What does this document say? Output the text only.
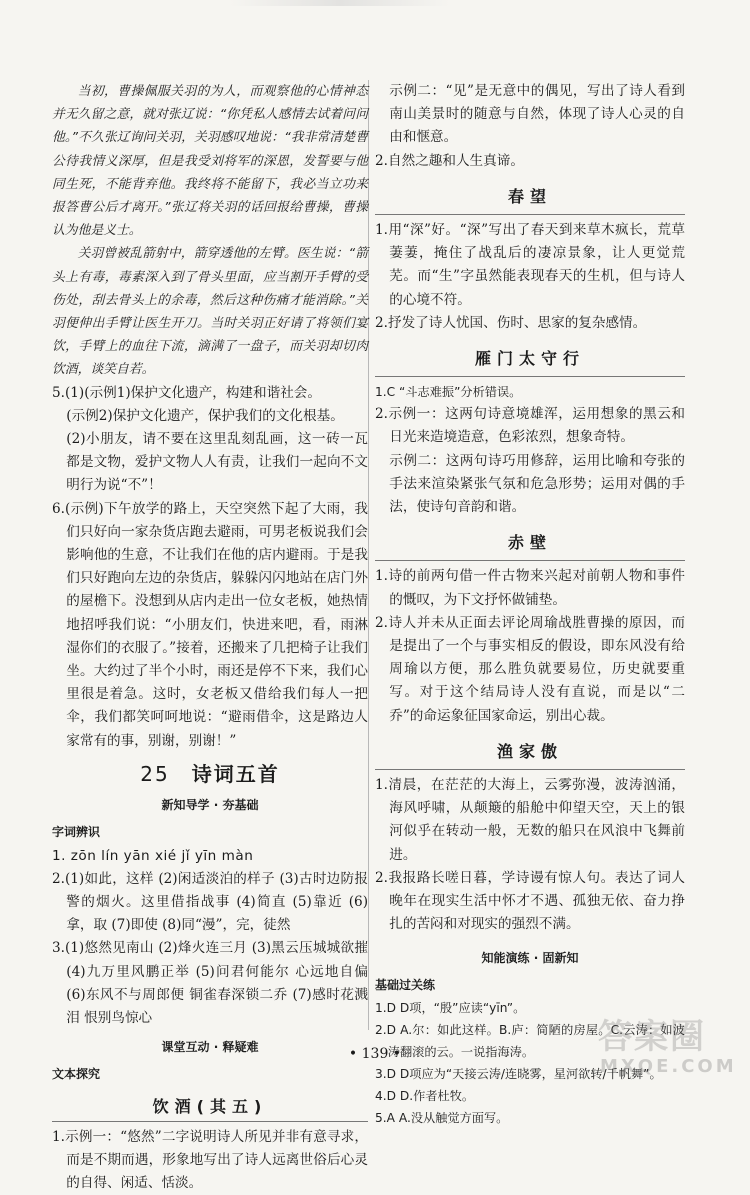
当初，曹操佩服关羽的为人，而观察他的心情神态并无久留之意，就对张辽说：“你凭私人感情去试着问问他。”不久张辽询问关羽，关羽感叹地说：“我非常清楚曹公待我情义深厚，但是我受刘将军的深恩，发誓要与他同生死，不能背弃他。我终将不能留下，我必当立功来报答曹公后才离开。”张辽将关羽的话回报给曹操，曹操认为他是义士。

关羽曾被乱箭射中，箭穿透他的左臂。医生说：“箭头上有毒，毒素深入到了骨头里面，应当割开手臂的受伤处，刮去骨头上的余毒，然后这种伤痛才能消除。”关羽便伸出手臂让医生开刀。当时关羽正好请了将领们宴饮，手臂上的血往下流，滴满了一盘子，而关羽却切肉饮酒，谈笑自若。

5.(1)(示例1)保护文化遗产，构建和谐社会。

(示例2)保护文化遗产，保护我们的文化根基。

(2)小朋友，请不要在这里乱刻乱画，这一砖一瓦都是文物，爱护文物人人有责，让我们一起向不文明行为说“不”！

6.(示例)下午放学的路上，天空突然下起了大雨，我们只好向一家杂货店跑去避雨，可男老板说我们会影响他的生意，不让我们在他的店内避雨。于是我们只好跑向左边的杂货店，躲躲闪闪地站在店门外的屋檐下。没想到从店内走出一位女老板，她热情地招呼我们说：“小朋友们，快进来吧，看，雨淋湿你们的衣服了。”接着，还搬来了几把椅子让我们坐。大约过了半个小时，雨还是停不下来，我们心里很是着急。这时，女老板又借给我们每人一把伞，我们都笑呵呵地说：“避雨借伞，这是路边人家常有的事，别谢，别谢！”

25 诗词五首
新知导学 · 夯基础
字词辨识

1. zōn lín yān xié jǐ yīn màn

2.(1)如此，这样 (2)闲适淡泊的样子 (3)古时边防报警的烟火。这里借指战事 (4)简直 (5)靠近 (6)拿，取 (7)即使 (8)同“漫”，完，徒然

3.(1)悠然见南山 (2)烽火连三月 (3)黑云压城城欲摧 (4)九万里风鹏正举 (5)问君何能尔 心远地自偏 (6)东风不与周郎便 铜雀春深锁二乔 (7)感时花溅泪 恨别鸟惊心

课堂互动 · 释疑难
文本探究
饮酒(其五)

1.示例一：“悠然”二字说明诗人所见并非有意寻求，而是不期而遇，形象地写出了诗人远离世俗后心灵的自得、闲适、恬淡。

示例二：“见”是无意中的偶见，写出了诗人看到南山美景时的随意与自然，体现了诗人心灵的自由和惬意。

2.自然之趣和人生真谛。

春望

1.用“深”好。“深”写出了春天到来草木疯长，荒草萋萋，掩住了战乱后的凄凉景象，让人更觉荒芜。而“生”字虽然能表现春天的生机，但与诗人的心境不符。

2.抒发了诗人忧国、伤时、思家的复杂感情。

雁门太守行

1.C “斗志难振”分析错误。

2.示例一：这两句诗意境雄浑，运用想象的黑云和日光来造境造意，色彩浓烈，想象奇特。

示例二：这两句诗巧用修辞，运用比喻和夸张的手法来渲染紧张气氛和危急形势；运用对偶的手法，使诗句音韵和谐。

赤壁

1.诗的前两句借一件古物来兴起对前朝人物和事件的慨叹，为下文抒怀做铺垫。

2.诗人并未从正面去评论周瑜战胜曹操的原因，而是提出了一个与事实相反的假设，即东风没有给周瑜以方便，那么胜负就要易位，历史就要重写。对于这个结局诗人没有直说，而是以“二乔”的命运象征国家命运，别出心裁。

渔家傲

1.清晨，在茫茫的大海上，云雾弥漫，波涛汹涌，海风呼啸，从颠簸的船舱中仰望天空，天上的银河似乎在转动一般，无数的船只在风浪中飞舞前进。

2.我报路长嗟日暮，学诗谩有惊人句。表达了词人晚年在现实生活中怀才不遇、孤独无依、奋力挣扎的苦闷和对现实的强烈不满。

知能演练 · 固新知
基础过关练

1.D D项，“殷”应读“yīn”。

2.D A.尔：如此这样。B.庐：简陋的房屋。C.云涛：如波涛翻滚的云。一说指海涛。

3.D D项应为“天接云涛/连晓雾，星河欲转/千帆舞”。

4.D D.作者杜牧。

5.A A.没从触觉方面写。

• 139 •	答案圈
MXQE.COM
